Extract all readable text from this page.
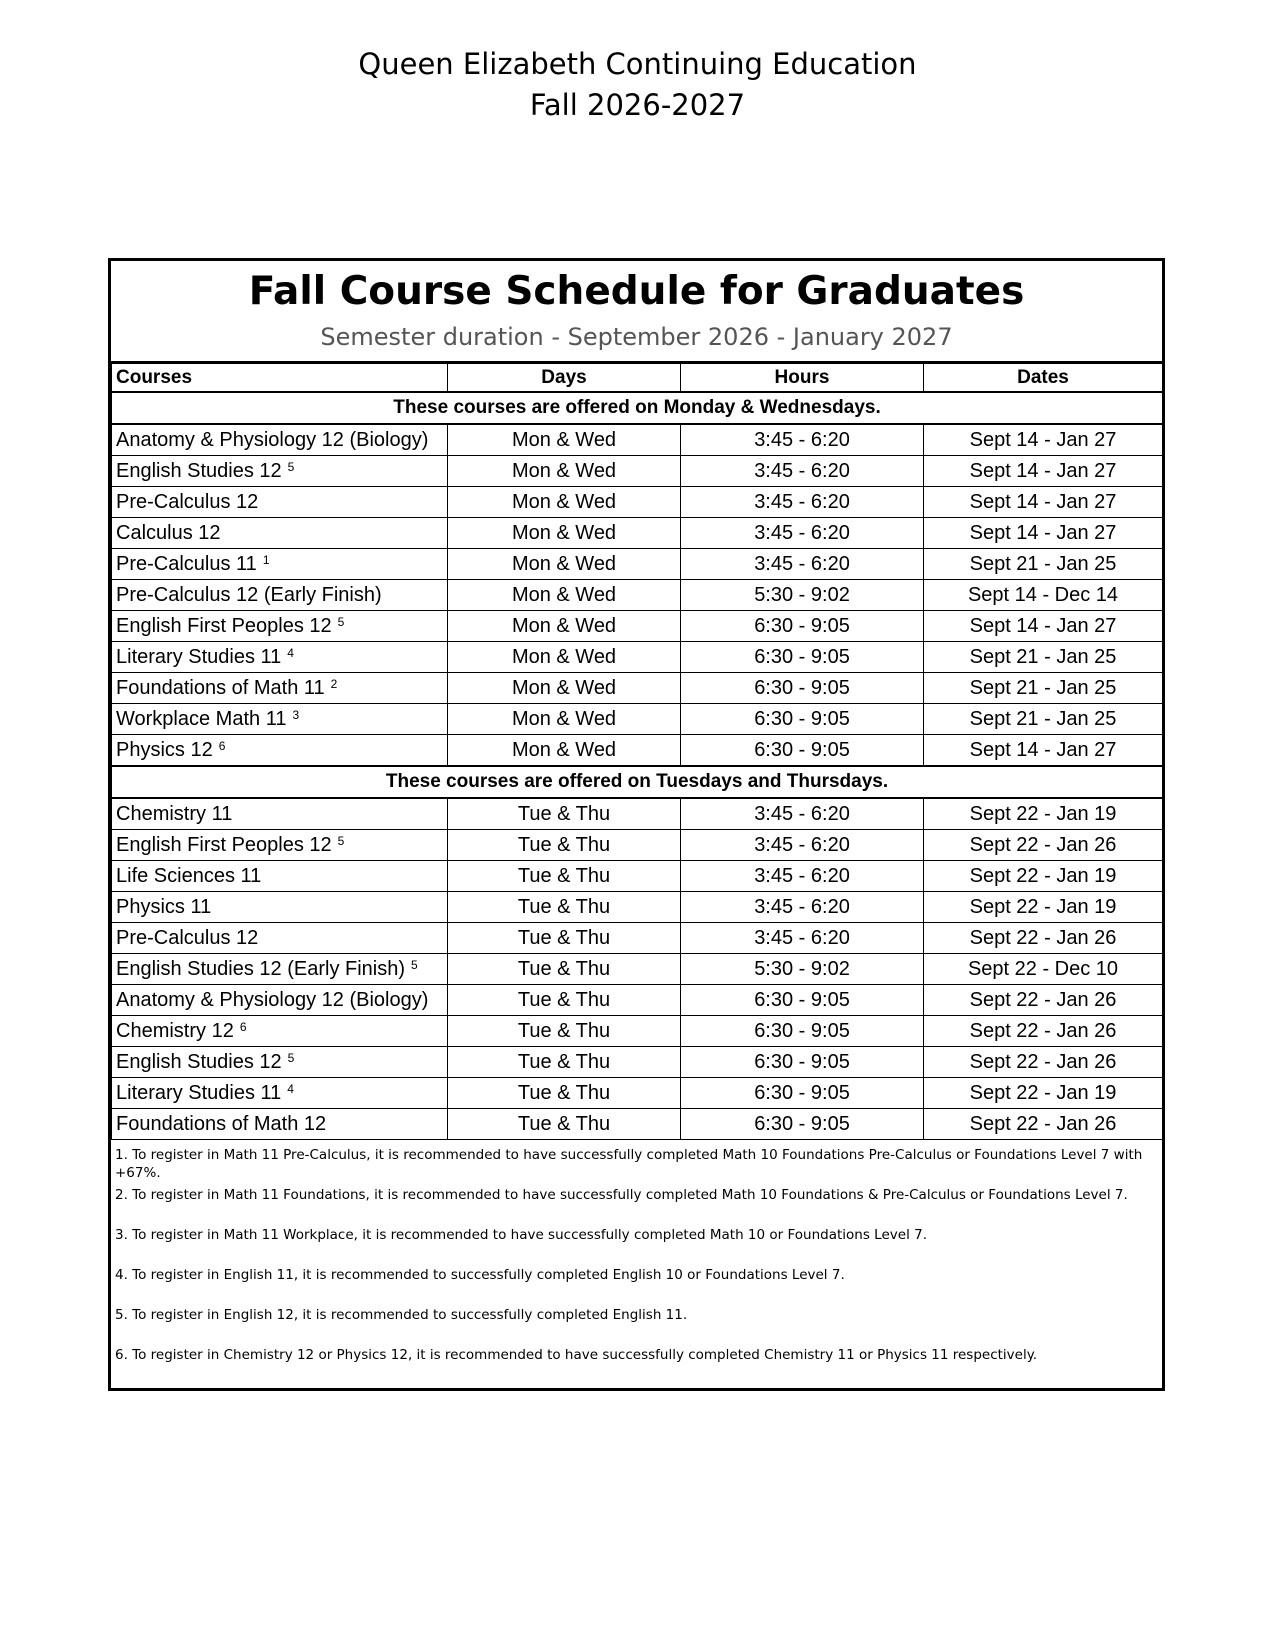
Queen Elizabeth Continuing Education
Fall 2026-2027
Fall Course Schedule for Graduates
Semester duration - September 2026 - January 2027
Courses	Days	Hours	Dates
These courses are offered on Monday & Wednesdays.			
Anatomy & Physiology 12 (Biology)	Mon & Wed	3:45 - 6:20	Sept 14 - Jan 27
English Studies 12 $^5$	Mon & Wed	3:45 - 6:20	Sept 14 - Jan 27
Pre-Calculus 12	Mon & Wed	3:45 - 6:20	Sept 14 - Jan 27
Calculus 12	Mon & Wed	3:45 - 6:20	Sept 14 - Jan 27
Pre-Calculus 11 $^1$	Mon & Wed	3:45 - 6:20	Sept 21 - Jan 25
Pre-Calculus 12 (Early Finish)	Mon & Wed	5:30 - 9:02	Sept 14 - Dec 14
English First Peoples 12 $^5$	Mon & Wed	6:30 - 9:05	Sept 14 - Jan 27
Literary Studies 11 $^4$	Mon & Wed	6:30 - 9:05	Sept 21 - Jan 25
Foundations of Math 11 $^2$	Mon & Wed	6:30 - 9:05	Sept 21 - Jan 25
Workplace Math 11 $^3$	Mon & Wed	6:30 - 9:05	Sept 21 - Jan 25
Physics 12 $^6$	Mon & Wed	6:30 - 9:05	Sept 14 - Jan 27
These courses are offered on Tuesdays and Thursdays.			
Chemistry 11	Tue & Thu	3:45 - 6:20	Sept 22 - Jan 19
English First Peoples 12 $^5$	Tue & Thu	3:45 - 6:20	Sept 22 - Jan 26
Life Sciences 11	Tue & Thu	3:45 - 6:20	Sept 22 - Jan 19
Physics 11	Tue & Thu	3:45 - 6:20	Sept 22 - Jan 19
Pre-Calculus 12	Tue & Thu	3:45 - 6:20	Sept 22 - Jan 26
English Studies 12 (Early Finish) $^5$	Tue & Thu	5:30 - 9:02	Sept 22 - Dec 10
Anatomy & Physiology 12 (Biology)	Tue & Thu	6:30 - 9:05	Sept 22 - Jan 26
Chemistry 12 $^6$	Tue & Thu	6:30 - 9:05	Sept 22 - Jan 26
English Studies 12 $^5$	Tue & Thu	6:30 - 9:05	Sept 22 - Jan 26
Literary Studies 11 $^4$	Tue & Thu	6:30 - 9:05	Sept 22 - Jan 19
Foundations of Math 12	Tue & Thu	6:30 - 9:05	Sept 22 - Jan 26
1. To register in Math 11 Pre-Calculus, it is recommended to have successfully completed Math 10 Foundations Pre-Calculus or Foundations Level 7 with +67%.
2. To register in Math 11 Foundations, it is recommended to have successfully completed Math 10 Foundations & Pre-Calculus or Foundations Level 7.
3. To register in Math 11 Workplace, it is recommended to have successfully completed Math 10 or Foundations Level 7.
4. To register in English 11, it is recommended to successfully completed English 10 or Foundations Level 7.
5. To register in English 12, it is recommended to successfully completed English 11.
6. To register in Chemistry 12 or Physics 12, it is recommended to have successfully completed Chemistry 11 or Physics 11 respectively.
